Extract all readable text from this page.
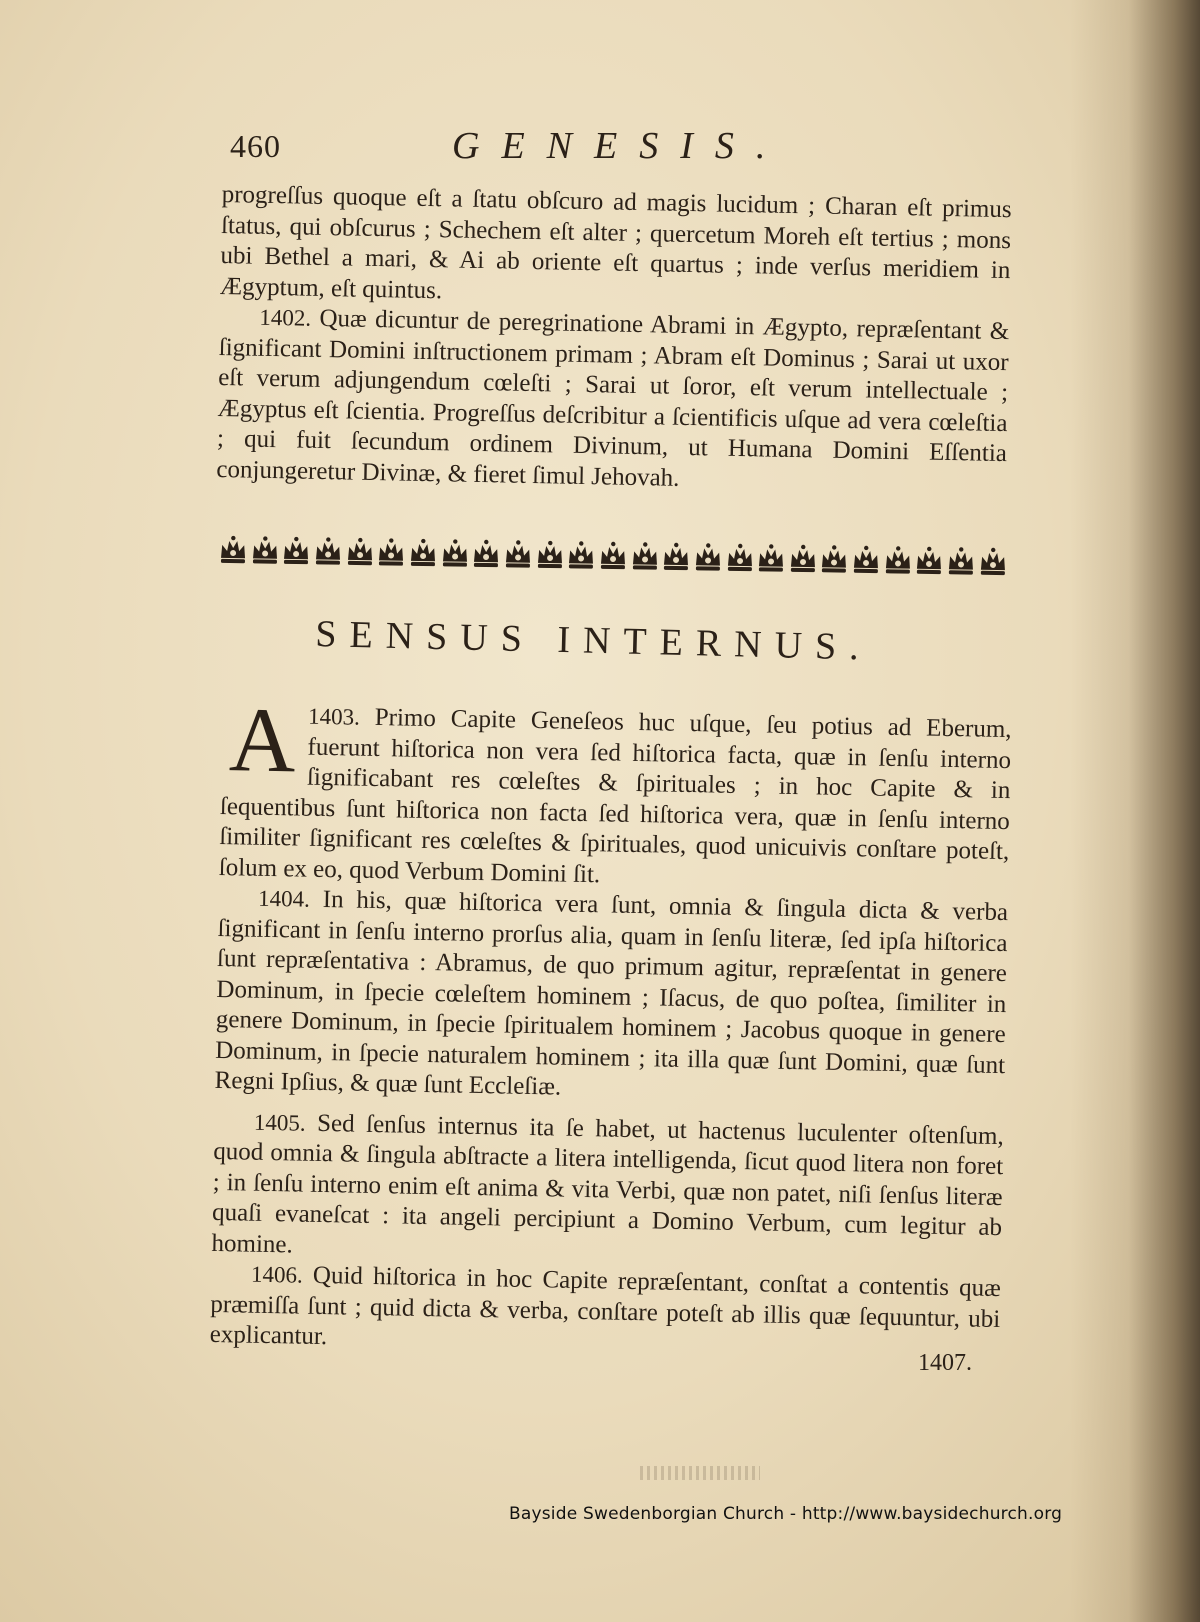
460	GENESIS.

progreſſus quoque eſt a ſtatu obſcuro ad magis lucidum ; Charan eſt primus ſtatus, qui obſcurus ; Schechem eſt alter ; quercetum Moreh eſt tertius ; mons ubi Bethel a mari, & Ai ab oriente eſt quartus ; inde verſus meridiem in Ægyptum, eſt quintus.

1402. Quæ dicuntur de peregrinatione Abrami in Ægypto, repræſentant & ſignificant Domini inſtructionem primam ; Abram eſt Dominus ; Sarai ut uxor eſt verum adjungendum cœleſti ; Sarai ut ſoror, eſt verum intellectuale ; Ægyptus eſt ſcientia. Progreſſus deſcribitur a ſcientificis uſque ad vera cœleſtia ; qui fuit ſecundum ordinem Divinum, ut Humana Domini Eſſentia conjungeretur Divinæ, & fieret ſimul Jehovah.

SENSUS INTERNUS.

1403.
A	Primo Capite Geneſeos huc uſque, ſeu potius ad Eberum, fuerunt hiſtorica non vera ſed hiſtorica facta, quæ in ſenſu interno ſignificabant res cœleſtes & ſpirituales ; in hoc Capite & in ſequentibus ſunt hiſtorica non facta ſed hiſtorica vera, quæ in ſenſu interno ſimiliter ſignificant res cœleſtes & ſpirituales, quod unicuivis conſtare poteſt, ſolum ex eo, quod Verbum Domini ſit.

1404. In his, quæ hiſtorica vera ſunt, omnia & ſingula dicta & verba ſignificant in ſenſu interno prorſus alia, quam in ſenſu literæ, ſed ipſa hiſtorica ſunt repræſentativa : Abramus, de quo primum agitur, repræſentat in genere Dominum, in ſpecie cœleſtem hominem ; Iſacus, de quo poſtea, ſimiliter in genere Dominum, in ſpecie ſpiritualem hominem ; Jacobus quoque in genere Dominum, in ſpecie naturalem hominem ; ita illa quæ ſunt Domini, quæ ſunt Regni Ipſius, & quæ ſunt Eccleſiæ.

1405. Sed ſenſus internus ita ſe habet, ut hactenus luculenter oſtenſum, quod omnia & ſingula abſtracte a litera intelligenda, ſicut quod litera non foret ; in ſenſu interno enim eſt anima & vita Verbi, quæ non patet, niſi ſenſus literæ quaſi evaneſcat : ita angeli percipiunt a Domino Verbum, cum legitur ab homine.

1406. Quid hiſtorica in hoc Capite repræſentant, conſtat a contentis quæ præmiſſa ſunt ; quid dicta & verba, conſtare poteſt ab illis quæ ſequuntur, ubi explicantur.

1407.
Bayside Swedenborgian Church - http://www.baysidechurch.org
